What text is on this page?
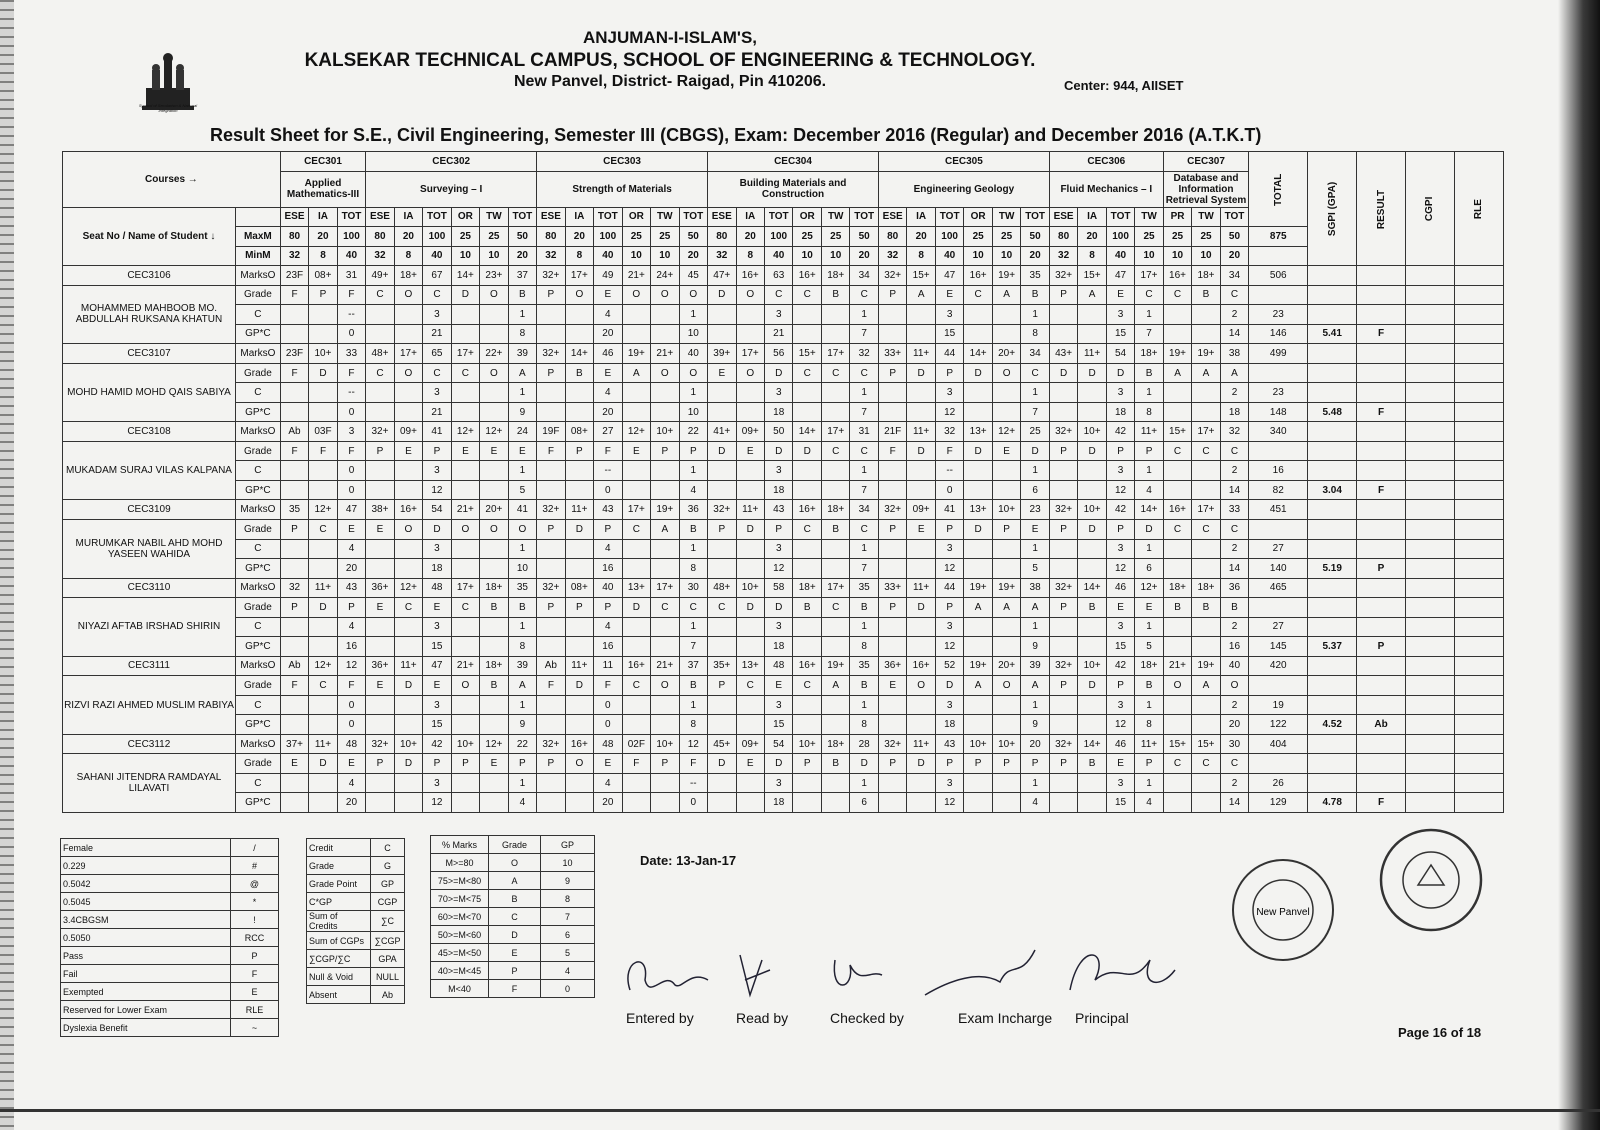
Symbol of Secularism & National Integration
ANJUMAN-I-ISLAM'S,
KALSEKAR TECHNICAL CAMPUS, SCHOOL OF ENGINEERING & TECHNOLOGY.
New Panvel, District- Raigad, Pin 410206.	Center: 944, AIISET
Result Sheet for S.E., Civil Engineering, Semester III (CBGS), Exam: December 2016 (Regular) and December 2016 (A.T.K.T)
Courses →		CEC301			CEC302						CEC303						CEC304						CEC305						CEC306				CEC307			TOTAL	SGPI (GPA)	RESULT	CGPI	RLE
		Applied Mathematics-III			Surveying – I						Strength of Materials						Building Materials and Construction						Engineering Geology						Fluid Mechanics – I				Database and Information Retrieval System							
Seat No / Name of Student ↓		ESE	IA	TOT	ESE	IA	TOT	OR	TW	TOT	ESE	IA	TOT	OR	TW	TOT	ESE	IA	TOT	OR	TW	TOT	ESE	IA	TOT	OR	TW	TOT	ESE	IA	TOT	TW	PR	TW	TOT					
	MaxM	80	20	100	80	20	100	25	25	50	80	20	100	25	25	50	80	20	100	25	25	50	80	20	100	25	25	50	80	20	100	25	25	25	50	875				
	MinM	32	8	40	32	8	40	10	10	20	32	8	40	10	10	20	32	8	40	10	10	20	32	8	40	10	10	20	32	8	40	10	10	10	20					
CEC3106	MarksO	23F	08+	31	49+	18+	67	14+	23+	37	32+	17+	49	21+	24+	45	47+	16+	63	16+	18+	34	32+	15+	47	16+	19+	35	32+	15+	47	17+	16+	18+	34	506				
MOHAMMED MAHBOOB MO. ABDULLAH RUKSANA KHATUN	Grade	F	P	F	C	O	C	D	O	B	P	O	E	O	O	O	D	O	C	C	B	C	P	A	E	C	A	B	P	A	E	C	C	B	C					
	C			--			3			1			4			1			3			1			3			1			3	1			2	23				
	GP*C			0			21			8			20			10			21			7			15			8			15	7			14	146	5.41	F		
CEC3107	MarksO	23F	10+	33	48+	17+	65	17+	22+	39	32+	14+	46	19+	21+	40	39+	17+	56	15+	17+	32	33+	11+	44	14+	20+	34	43+	11+	54	18+	19+	19+	38	499				
MOHD HAMID MOHD QAIS SABIYA	Grade	F	D	F	C	O	C	C	O	A	P	B	E	A	O	O	E	O	D	C	C	C	P	D	P	D	O	C	D	D	D	B	A	A	A					
	C			--			3			1			4			1			3			1			3			1			3	1			2	23				
	GP*C			0			21			9			20			10			18			7			12			7			18	8			18	148	5.48	F		
CEC3108	MarksO	Ab	03F	3	32+	09+	41	12+	12+	24	19F	08+	27	12+	10+	22	41+	09+	50	14+	17+	31	21F	11+	32	13+	12+	25	32+	10+	42	11+	15+	17+	32	340				
MUKADAM SURAJ VILAS KALPANA	Grade	F	F	F	P	E	P	E	E	E	F	P	F	E	P	P	D	E	D	D	C	C	F	D	F	D	E	D	P	D	P	P	C	C	C					
	C			0			3			1			--			1			3			1			--			1			3	1			2	16				
	GP*C			0			12			5			0			4			18			7			0			6			12	4			14	82	3.04	F		
CEC3109	MarksO	35	12+	47	38+	16+	54	21+	20+	41	32+	11+	43	17+	19+	36	32+	11+	43	16+	18+	34	32+	09+	41	13+	10+	23	32+	10+	42	14+	16+	17+	33	451				
MURUMKAR NABIL AHD MOHD YASEEN WAHIDA	Grade	P	C	E	E	O	D	O	O	O	P	D	P	C	A	B	P	D	P	C	B	C	P	E	P	D	P	E	P	D	P	D	C	C	C					
	C			4			3			1			4			1			3			1			3			1			3	1			2	27				
	GP*C			20			18			10			16			8			12			7			12			5			12	6			14	140	5.19	P		
CEC3110	MarksO	32	11+	43	36+	12+	48	17+	18+	35	32+	08+	40	13+	17+	30	48+	10+	58	18+	17+	35	33+	11+	44	19+	19+	38	32+	14+	46	12+	18+	18+	36	465				
NIYAZI AFTAB IRSHAD SHIRIN	Grade	P	D	P	E	C	E	C	B	B	P	P	P	D	C	C	C	D	D	B	C	B	P	D	P	A	A	A	P	B	E	E	B	B	B					
	C			4			3			1			4			1			3			1			3			1			3	1			2	27				
	GP*C			16			15			8			16			7			18			8			12			9			15	5			16	145	5.37	P		
CEC3111	MarksO	Ab	12+	12	36+	11+	47	21+	18+	39	Ab	11+	11	16+	21+	37	35+	13+	48	16+	19+	35	36+	16+	52	19+	20+	39	32+	10+	42	18+	21+	19+	40	420				
RIZVI RAZI AHMED MUSLIM RABIYA	Grade	F	C	F	E	D	E	O	B	A	F	D	F	C	O	B	P	C	E	C	A	B	E	O	D	A	O	A	P	D	P	B	O	A	O					
	C			0			3			1			0			1			3			1			3			1			3	1			2	19				
	GP*C			0			15			9			0			8			15			8			18			9			12	8			20	122	4.52	Ab		
CEC3112	MarksO	37+	11+	48	32+	10+	42	10+	12+	22	32+	16+	48	02F	10+	12	45+	09+	54	10+	18+	28	32+	11+	43	10+	10+	20	32+	14+	46	11+	15+	15+	30	404				
SAHANI JITENDRA RAMDAYAL LILAVATI	Grade	E	D	E	P	D	P	P	E	P	P	O	E	F	P	F	D	E	D	P	B	D	P	D	P	P	P	P	P	B	E	P	C	C	C					
	C			4			3			1			4			--			3			1			3			1			3	1			2	26				
	GP*C			20			12			4			20			0			18			6			12			4			15	4			14	129	4.78	F		
Female	/
0.229	#
0.5042	@
0.5045	*
3.4CBGSM	!
0.5050	RCC
Pass	P
Fail	F
Exempted	E
Reserved for Lower Exam	RLE
Dyslexia Benefit	~
Credit	C
Grade	G
Grade Point	GP
C*GP	CGP
Sum of Credits	∑C
Sum of CGPs	∑CGP
∑CGP/∑C	GPA
Null & Void	NULL
Absent	Ab
% Marks	Grade	GP
M>=80	O	10
75>=M<80	A	9
70>=M<75	B	8
60>=M<70	C	7
50>=M<60	D	6
45>=M<50	E	5
40>=M<45	P	4
M<40	F	0
Date: 13-Jan-17
Entered by	Read by	Checked by	Exam Incharge Principal
New Panvel
Page 16 of 18
